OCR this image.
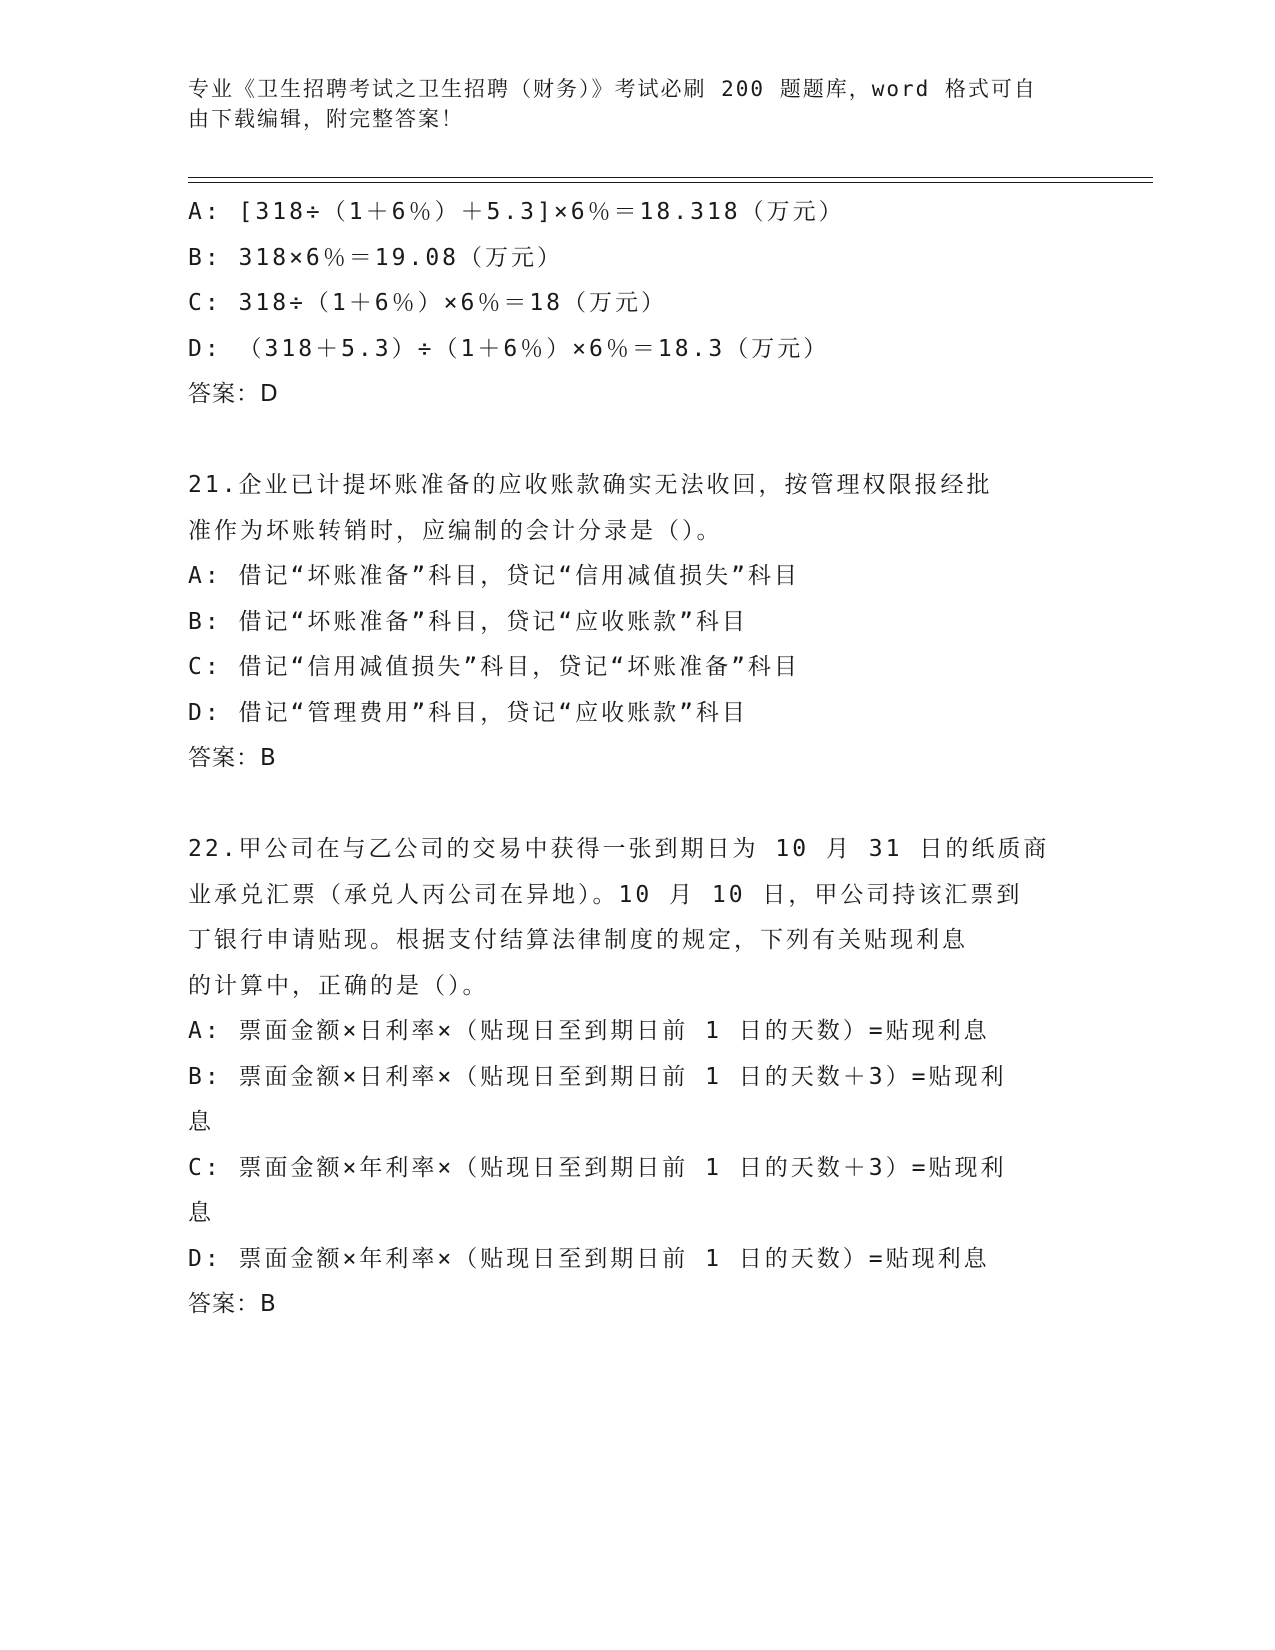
专业《卫生招聘考试之卫生招聘（财务）》考试必刷 200 题题库，word 格式可自
由下载编辑，附完整答案！
A: [318÷（1＋6％）＋5.3]×6％＝18.318（万元）
B: 318×6％＝19.08（万元）
C: 318÷（1＋6％）×6％＝18（万元）
D: （318＋5.3）÷（1＋6％）×6％＝18.3（万元）
答案：D
21.企业已计提坏账准备的应收账款确实无法收回，按管理权限报经批
准作为坏账转销时，应编制的会计分录是（）。
A: 借记“坏账准备”科目，贷记“信用减值损失”科目
B: 借记“坏账准备”科目，贷记“应收账款”科目
C: 借记“信用减值损失”科目，贷记“坏账准备”科目
D: 借记“管理费用”科目，贷记“应收账款”科目
答案：B
22.甲公司在与乙公司的交易中获得一张到期日为 10 月 31 日的纸质商
业承兑汇票（承兑人丙公司在异地）。10 月 10 日，甲公司持该汇票到
丁银行申请贴现。根据支付结算法律制度的规定，下列有关贴现利息
的计算中，正确的是（）。
A: 票面金额×日利率×（贴现日至到期日前 1 日的天数）=贴现利息
B: 票面金额×日利率×（贴现日至到期日前 1 日的天数＋3）=贴现利
息
C: 票面金额×年利率×（贴现日至到期日前 1 日的天数＋3）=贴现利
息
D: 票面金额×年利率×（贴现日至到期日前 1 日的天数）=贴现利息
答案：B
